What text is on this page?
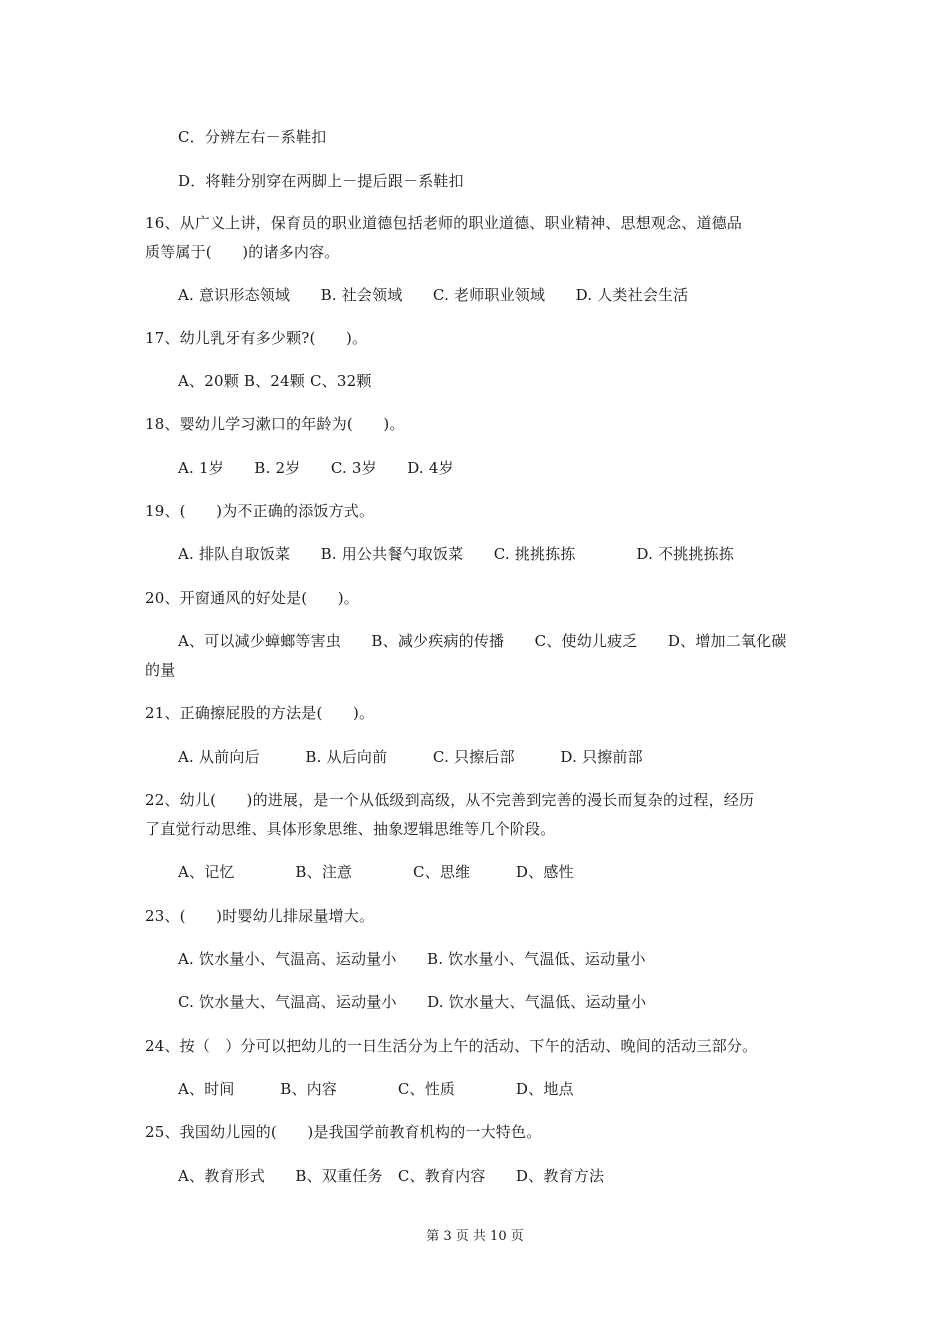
C．分辨左右－系鞋扣
D．将鞋分别穿在两脚上－提后跟－系鞋扣
16、从广义上讲，保育员的职业道德包括老师的职业道德、职业精神、思想观念、道德品
质等属于(　　)的诸多内容。
A. 意识形态领域　　B. 社会领域　　C. 老师职业领域　　D. 人类社会生活
17、幼儿乳牙有多少颗?(　　)。
A、20颗 B、24颗 C、32颗
18、婴幼儿学习漱口的年龄为(　　)。
A. 1岁　　B. 2岁　　C. 3岁　　D. 4岁
19、(　　)为不正确的添饭方式。
A. 排队自取饭菜　　B. 用公共餐勺取饭菜　　C. 挑挑拣拣　　　　D. 不挑挑拣拣
20、开窗通风的好处是(　　)。
A、可以减少蟑螂等害虫　　B、减少疾病的传播　　C、使幼儿疲乏　　D、增加二氧化碳
的量
21、正确擦屁股的方法是(　　)。
A. 从前向后　　　B. 从后向前　　　C. 只擦后部　　　D. 只擦前部
22、幼儿(　　)的进展，是一个从低级到高级，从不完善到完善的漫长而复杂的过程，经历
了直觉行动思维、具体形象思维、抽象逻辑思维等几个阶段。
A、记忆　　　　B、注意　　　　C、思维　　　D、感性
23、(　　)时婴幼儿排尿量增大。
A. 饮水量小、气温高、运动量小　　B. 饮水量小、气温低、运动量小
C. 饮水量大、气温高、运动量小　　D. 饮水量大、气温低、运动量小
24、按（　）分可以把幼儿的一日生活分为上午的活动、下午的活动、晚间的活动三部分。
A、时间　　　B、内容　　　　C、性质　　　　D、地点
25、我国幼儿园的(　　)是我国学前教育机构的一大特色。
A、教育形式　　B、双重任务　C、教育内容　　D、教育方法
第 3 页 共 10 页
